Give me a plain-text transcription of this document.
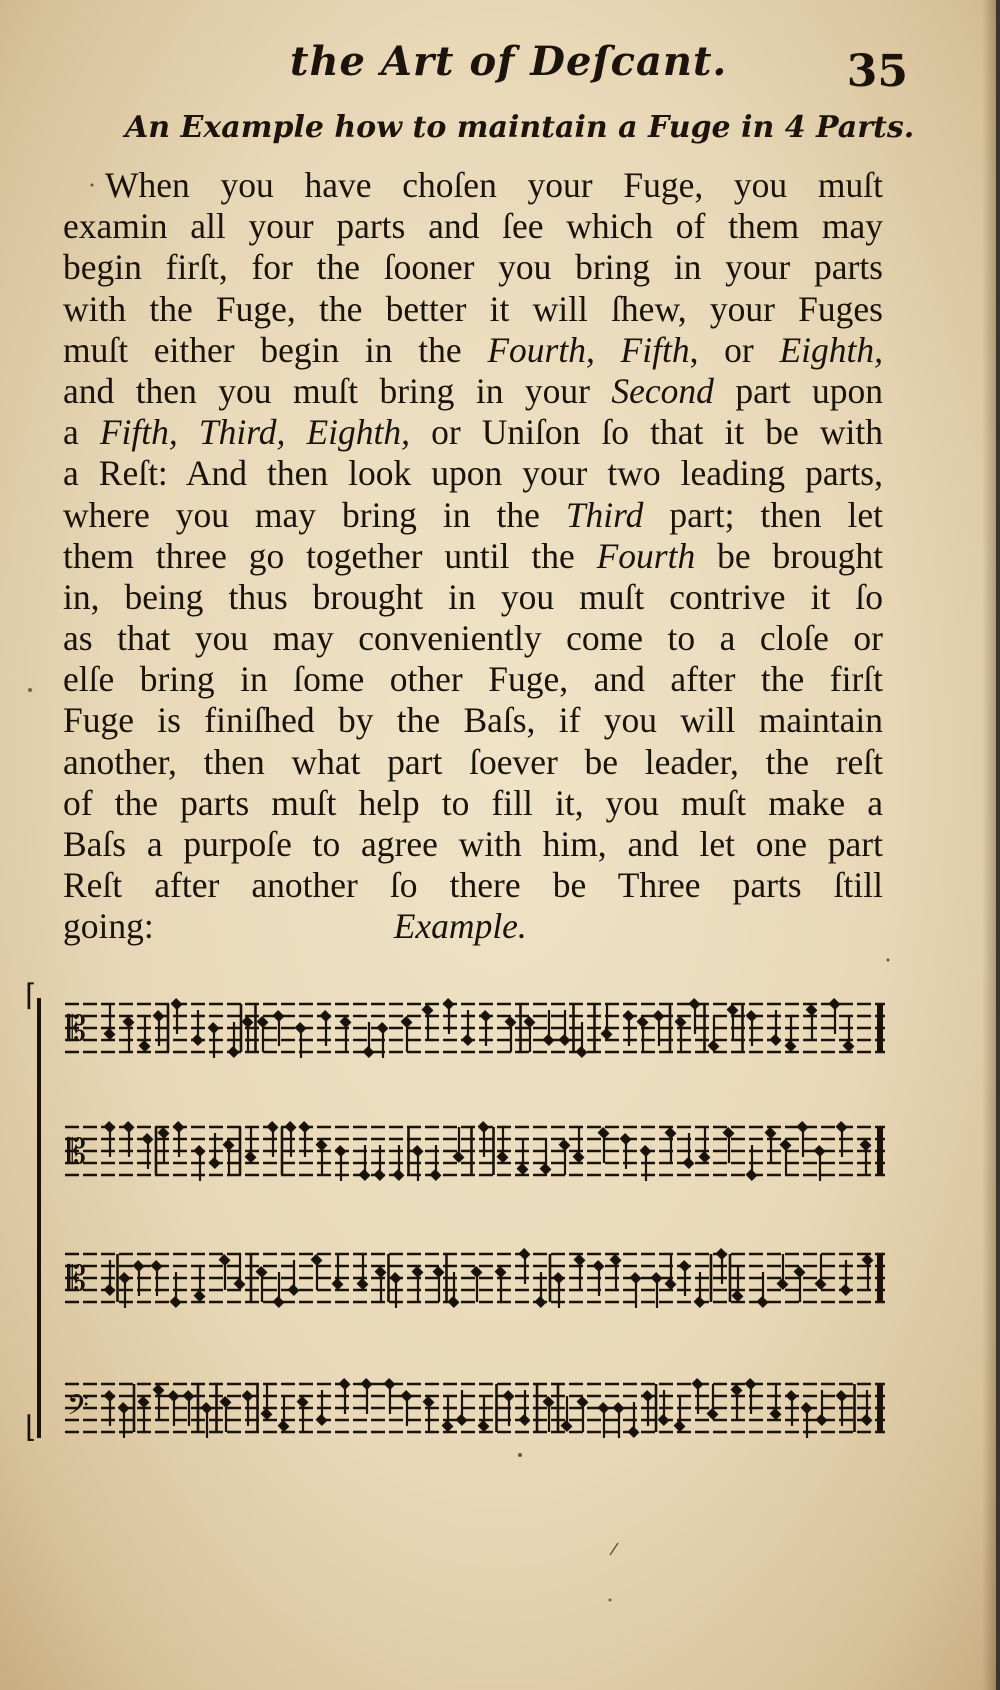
the Art of Deſcant.	35
An Example how to maintain a Fuge in 4 Parts.
When you have choſen your Fuge, you muſt
examin all your parts and ſee which of them may
begin firſt, for the ſooner you bring in your parts
with the Fuge, the better it will ſhew, your Fuges
muſt either begin in the Fourth, Fifth, or Eighth,
and then you muſt bring in your Second part upon
a Fifth, Third, Eighth, or Uniſon ſo that it be with
a Reſt: And then look upon your two leading parts,
where you may bring in the Third part; then let
them three go together until the Fourth be brought
in, being thus brought in you muſt contrive it ſo
as that you may conveniently come to a cloſe or
elſe bring in ſome other Fuge, and after the firſt
Fuge is finiſhed by the Baſs, if you will maintain
another, then what part ſoever be leader, the reſt
of the parts muſt help to fill it, you muſt make a
Baſs a purpoſe to agree with him, and let one part
Reſt after another ſo there be Three parts ſtill
going:	Example.
⌈
⌊
𝄡
𝄡
𝄡
𝄢
